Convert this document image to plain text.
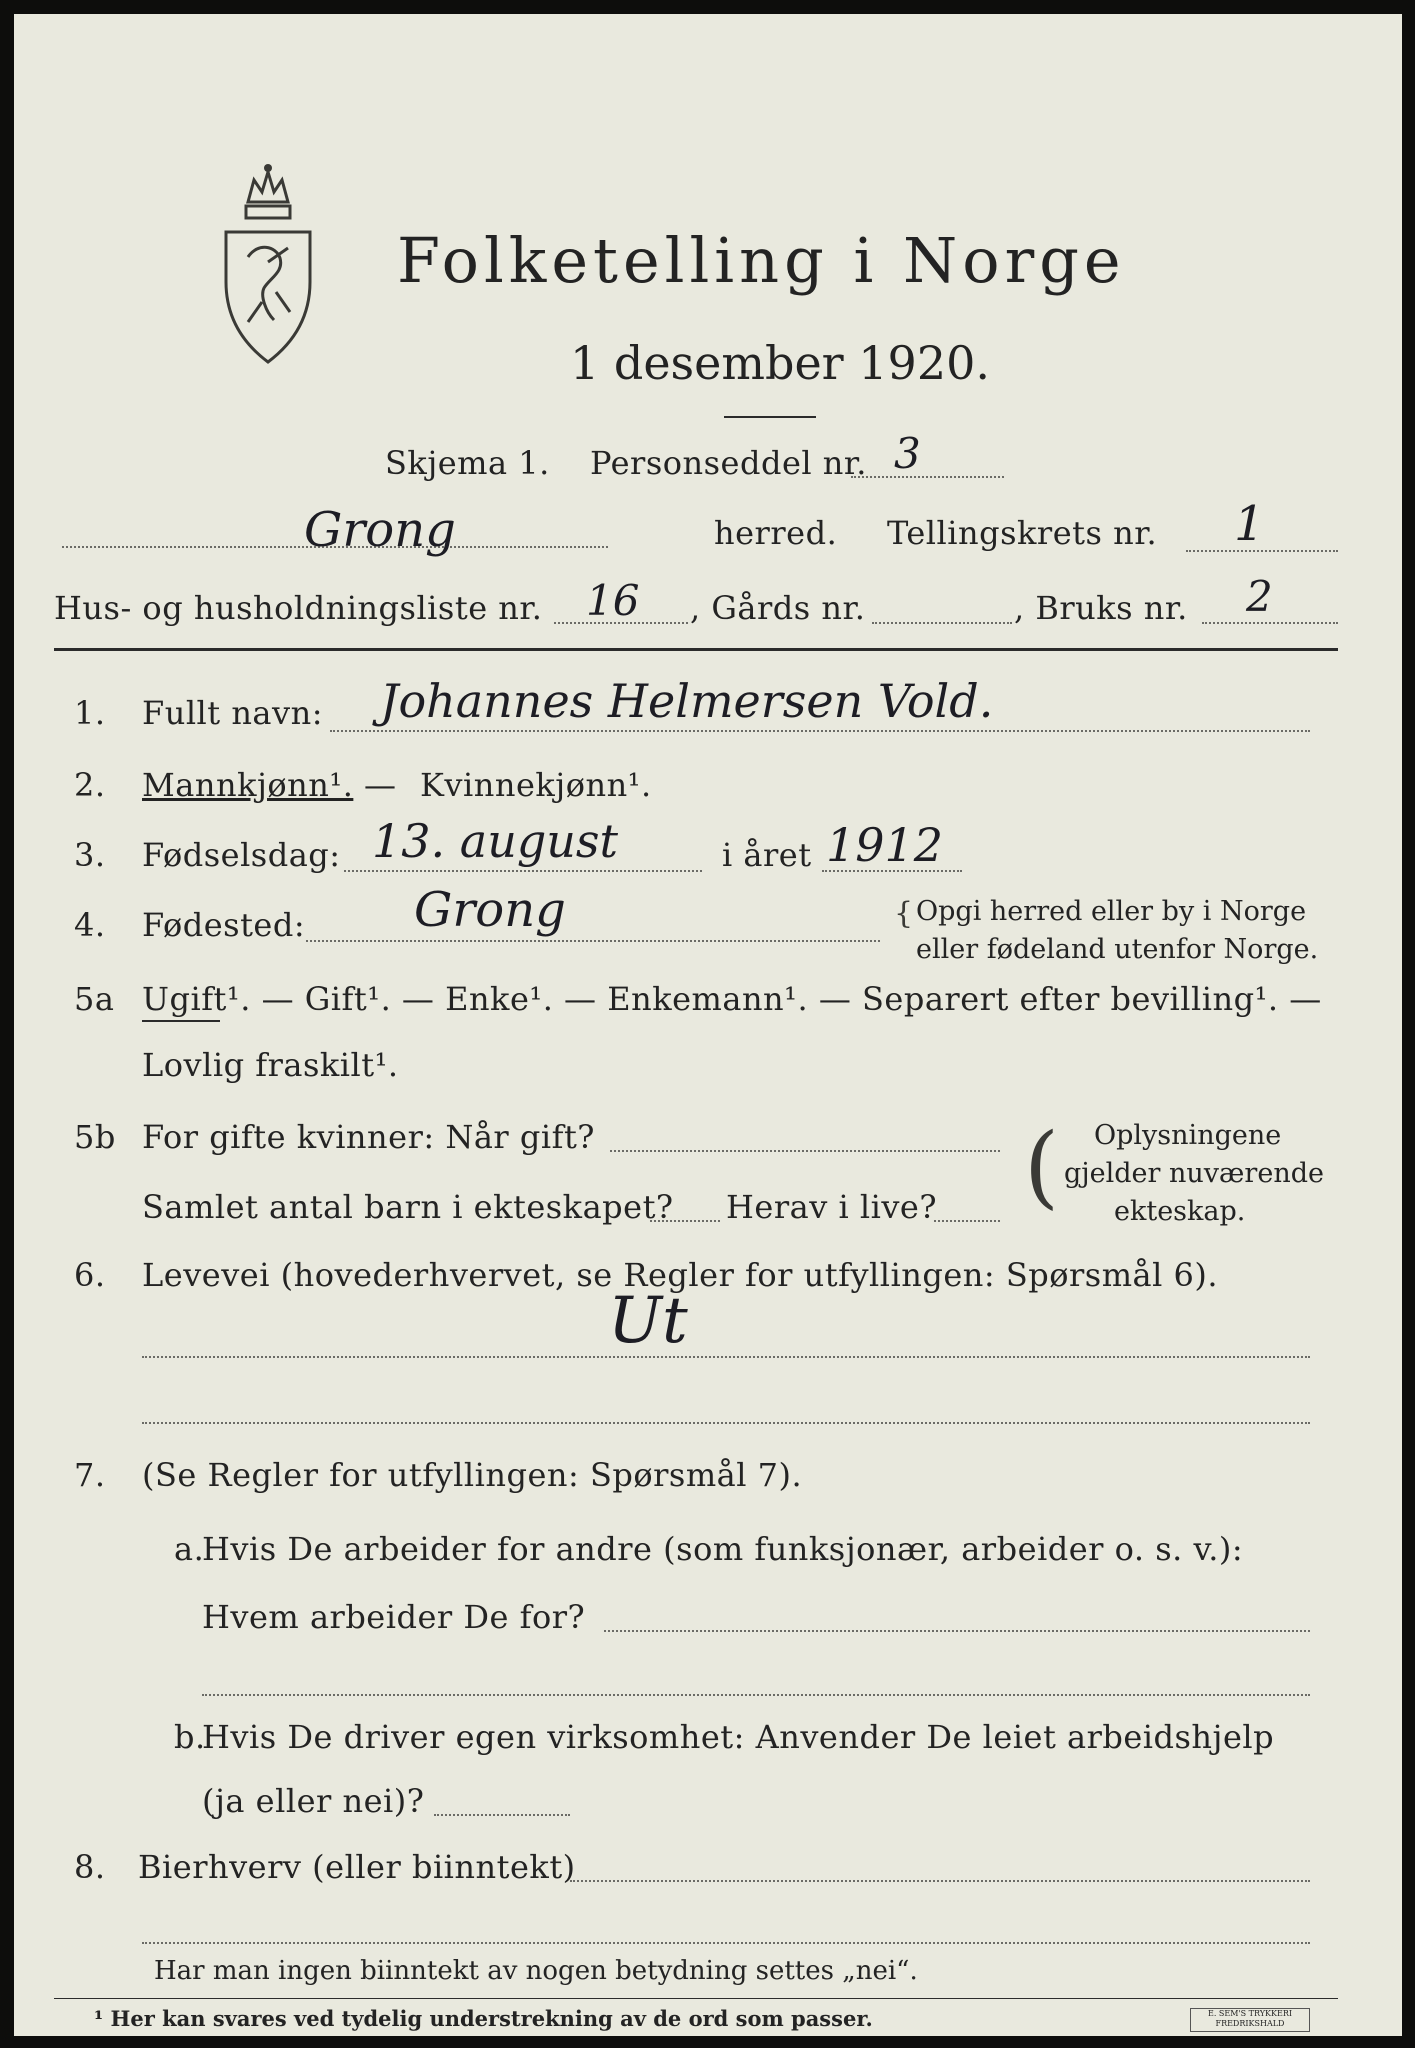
Folketelling i Norge
1 desember 1920.
Skjema 1. Personseddel nr. 3
Grong	herred. Tellingskrets nr. 1
Hus- og husholdningsliste nr. 16 , Gårds nr.	, Bruks nr. 2
1. Fullt navn: Johannes Helmersen Vold.
2. Mannkjønn¹. — Kvinnekjønn¹.
3. Fødselsdag: 13. august	i året 1912
4. Fødested: Grong	{ Opgi herred eller by i Norge
eller fødeland utenfor Norge.
5a Ugift¹. — Gift¹. — Enke¹. — Enkemann¹. — Separert efter bevilling¹. —
Lovlig fraskilt¹.
5b For gifte kvinner: Når gift?
Samlet antal barn i ekteskapet? Herav i live? ( Oplysningene
gjelder nuværende
ekteskap.
6. Levevei (hovederhvervet, se Regler for utfyllingen: Spørsmål 6).
Ut
7. (Se Regler for utfyllingen: Spørsmål 7).
a.
Hvis De arbeider for andre (som funksjonær, arbeider o. s. v.):
Hvem arbeider De for?
b.
Hvis De driver egen virksomhet: Anvender De leiet arbeidshjelp
(ja eller nei)?
8. Bierhverv (eller biinntekt)
Har man ingen biinntekt av nogen betydning settes „nei“.
¹ Her kan svares ved tydelig understrekning av de ord som passer.	E. SEM'S TRYKKERI
FREDRIKSHALD
